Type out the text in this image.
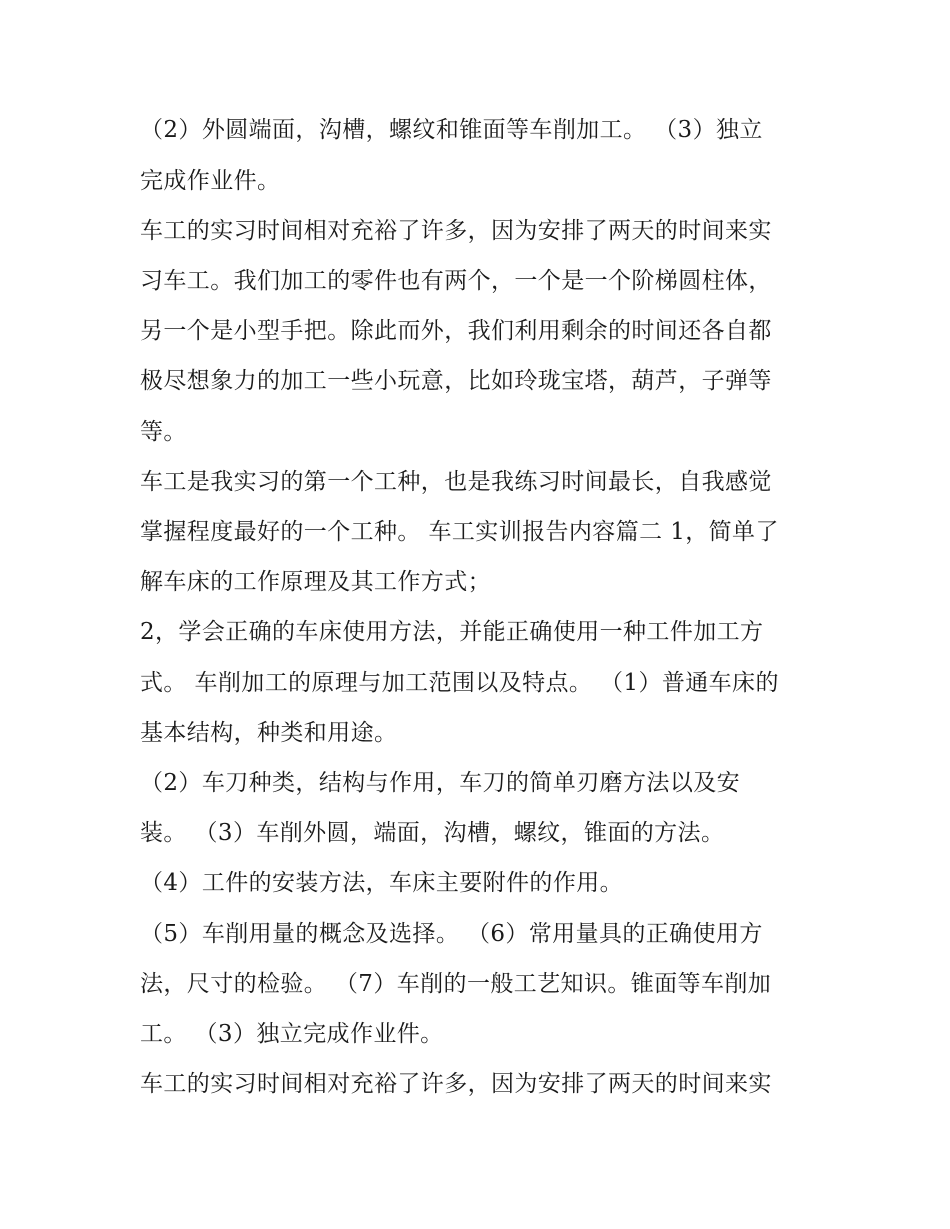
（2）外圆端面，沟槽，螺纹和锥面等车削加工。 （3）独立
完成作业件。
车工的实习时间相对充裕了许多，因为安排了两天的时间来实
习车工。我们加工的零件也有两个，一个是一个阶梯圆柱体，
另一个是小型手把。除此而外，我们利用剩余的时间还各自都
极尽想象力的加工一些小玩意，比如玲珑宝塔，葫芦，子弹等
等。
车工是我实习的第一个工种，也是我练习时间最长，自我感觉
掌握程度最好的一个工种。 车工实训报告内容篇二 1，简单了
解车床的工作原理及其工作方式；
2，学会正确的车床使用方法，并能正确使用一种工件加工方
式。 车削加工的原理与加工范围以及特点。 （1）普通车床的
基本结构，种类和用途。
（2）车刀种类，结构与作用，车刀的简单刃磨方法以及安
装。 （3）车削外圆，端面，沟槽，螺纹，锥面的方法。
（4）工件的安装方法，车床主要附件的作用。
（5）车削用量的概念及选择。 （6）常用量具的正确使用方
法，尺寸的检验。 （7）车削的一般工艺知识。锥面等车削加
工。 （3）独立完成作业件。
车工的实习时间相对充裕了许多，因为安排了两天的时间来实
